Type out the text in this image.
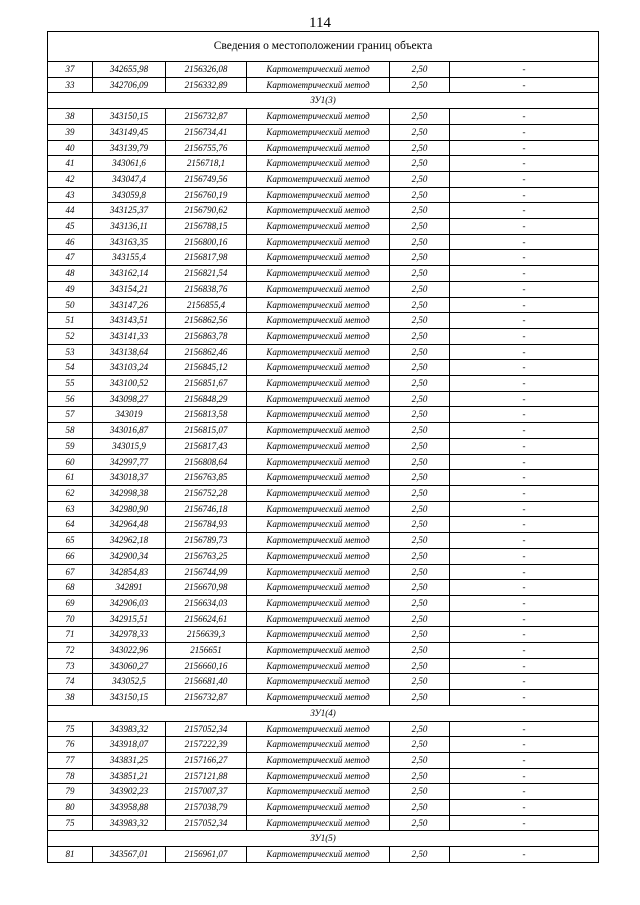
114
Сведения о местоположении границ объекта					
37	342655,98	2156326,08	Картометрический метод	2,50	-
33	342706,09	2156332,89	Картометрический метод	2,50	-
ЗУ1(3)					
38	343150,15	2156732,87	Картометрический метод	2,50	-
39	343149,45	2156734,41	Картометрический метод	2,50	-
40	343139,79	2156755,76	Картометрический метод	2,50	-
41	343061,6	2156718,1	Картометрический метод	2,50	-
42	343047,4	2156749,56	Картометрический метод	2,50	-
43	343059,8	2156760,19	Картометрический метод	2,50	-
44	343125,37	2156790,62	Картометрический метод	2,50	-
45	343136,11	2156788,15	Картометрический метод	2,50	-
46	343163,35	2156800,16	Картометрический метод	2,50	-
47	343155,4	2156817,98	Картометрический метод	2,50	-
48	343162,14	2156821,54	Картометрический метод	2,50	-
49	343154,21	2156838,76	Картометрический метод	2,50	-
50	343147,26	2156855,4	Картометрический метод	2,50	-
51	343143,51	2156862,56	Картометрический метод	2,50	-
52	343141,33	2156863,78	Картометрический метод	2,50	-
53	343138,64	2156862,46	Картометрический метод	2,50	-
54	343103,24	2156845,12	Картометрический метод	2,50	-
55	343100,52	2156851,67	Картометрический метод	2,50	-
56	343098,27	2156848,29	Картометрический метод	2,50	-
57	343019	2156813,58	Картометрический метод	2,50	-
58	343016,87	2156815,07	Картометрический метод	2,50	-
59	343015,9	2156817,43	Картометрический метод	2,50	-
60	342997,77	2156808,64	Картометрический метод	2,50	-
61	343018,37	2156763,85	Картометрический метод	2,50	-
62	342998,38	2156752,28	Картометрический метод	2,50	-
63	342980,90	2156746,18	Картометрический метод	2,50	-
64	342964,48	2156784,93	Картометрический метод	2,50	-
65	342962,18	2156789,73	Картометрический метод	2,50	-
66	342900,34	2156763,25	Картометрический метод	2,50	-
67	342854,83	2156744,99	Картометрический метод	2,50	-
68	342891	2156670,98	Картометрический метод	2,50	-
69	342906,03	2156634,03	Картометрический метод	2,50	-
70	342915,51	2156624,61	Картометрический метод	2,50	-
71	342978,33	2156639,3	Картометрический метод	2,50	-
72	343022,96	2156651	Картометрический метод	2,50	-
73	343060,27	2156660,16	Картометрический метод	2,50	-
74	343052,5	2156681,40	Картометрический метод	2,50	-
38	343150,15	2156732,87	Картометрический метод	2,50	-
ЗУ1(4)					
75	343983,32	2157052,34	Картометрический метод	2,50	-
76	343918,07	2157222,39	Картометрический метод	2,50	-
77	343831,25	2157166,27	Картометрический метод	2,50	-
78	343851,21	2157121,88	Картометрический метод	2,50	-
79	343902,23	2157007,37	Картометрический метод	2,50	-
80	343958,88	2157038,79	Картометрический метод	2,50	-
75	343983,32	2157052,34	Картометрический метод	2,50	-
ЗУ1(5)					
81	343567,01	2156961,07	Картометрический метод	2,50	-
